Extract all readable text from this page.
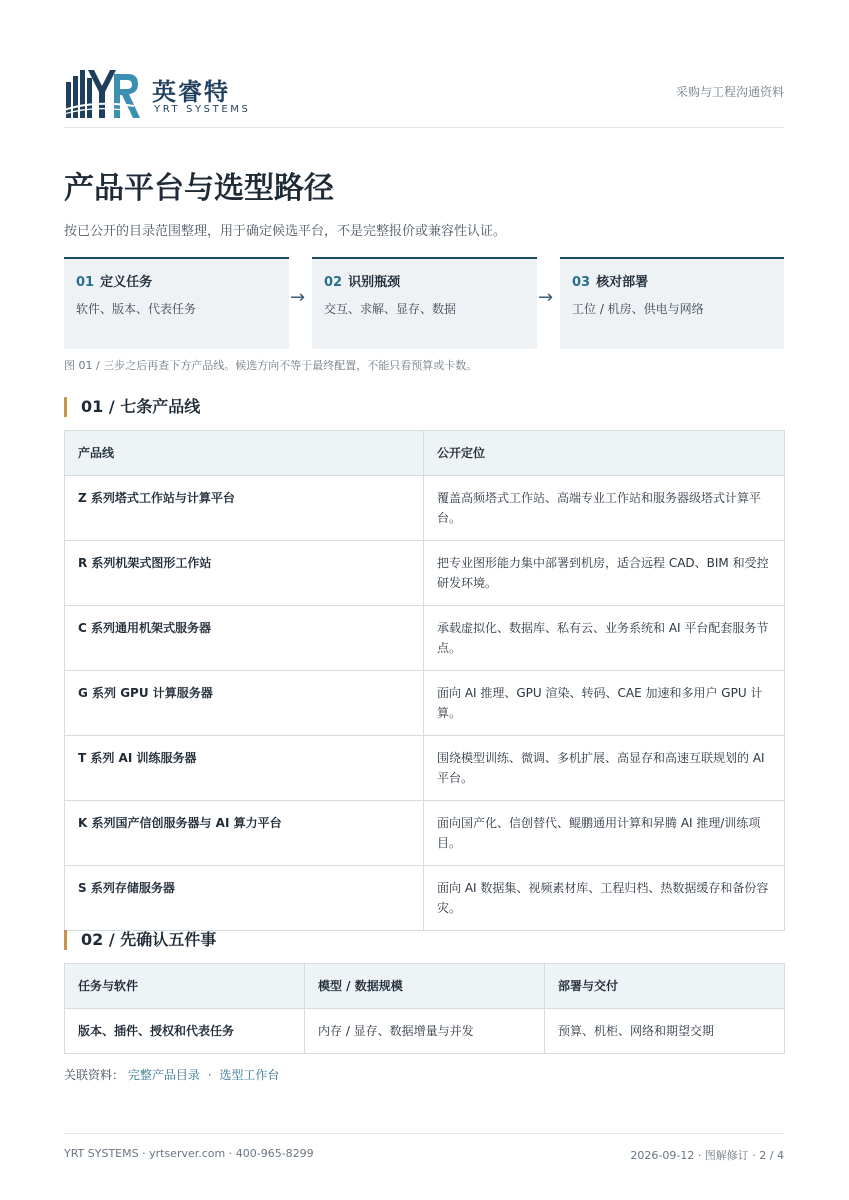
英睿特
YRT SYSTEMS
采购与工程沟通资料
产品平台与选型路径

按已公开的目录范围整理，用于确定候选平台，不是完整报价或兼容性认证。

01 定义任务
软件、版本、代表任务
→
02 识别瓶颈
交互、求解、显存、数据
→
03 核对部署
工位 / 机房、供电与网络

图 01 / 三步之后再查下方产品线。候选方向不等于最终配置，不能只看预算或卡数。

01 / 七条产品线
产品线	公开定位
Z 系列塔式工作站与计算平台	覆盖高频塔式工作站、高端专业工作站和服务器级塔式计算平台。
R 系列机架式图形工作站	把专业图形能力集中部署到机房，适合远程 CAD、BIM 和受控研发环境。
C 系列通用机架式服务器	承载虚拟化、数据库、私有云、业务系统和 AI 平台配套服务节点。
G 系列 GPU 计算服务器	面向 AI 推理、GPU 渲染、转码、CAE 加速和多用户 GPU 计算。
T 系列 AI 训练服务器	围绕模型训练、微调、多机扩展、高显存和高速互联规划的 AI 平台。
K 系列国产信创服务器与 AI 算力平台	面向国产化、信创替代、鲲鹏通用计算和昇腾 AI 推理/训练项目。
S 系列存储服务器	面向 AI 数据集、视频素材库、工程归档、热数据缓存和备份容灾。
02 / 先确认五件事
任务与软件	模型 / 数据规模	部署与交付
版本、插件、授权和代表任务	内存 / 显存、数据增量与并发	预算、机柜、网络和期望交期
关联资料： 完整产品目录 · 选型工作台
YRT SYSTEMS · yrtserver.com · 400-965-8299	2026-09-12 · 图解修订 · 2 / 4
